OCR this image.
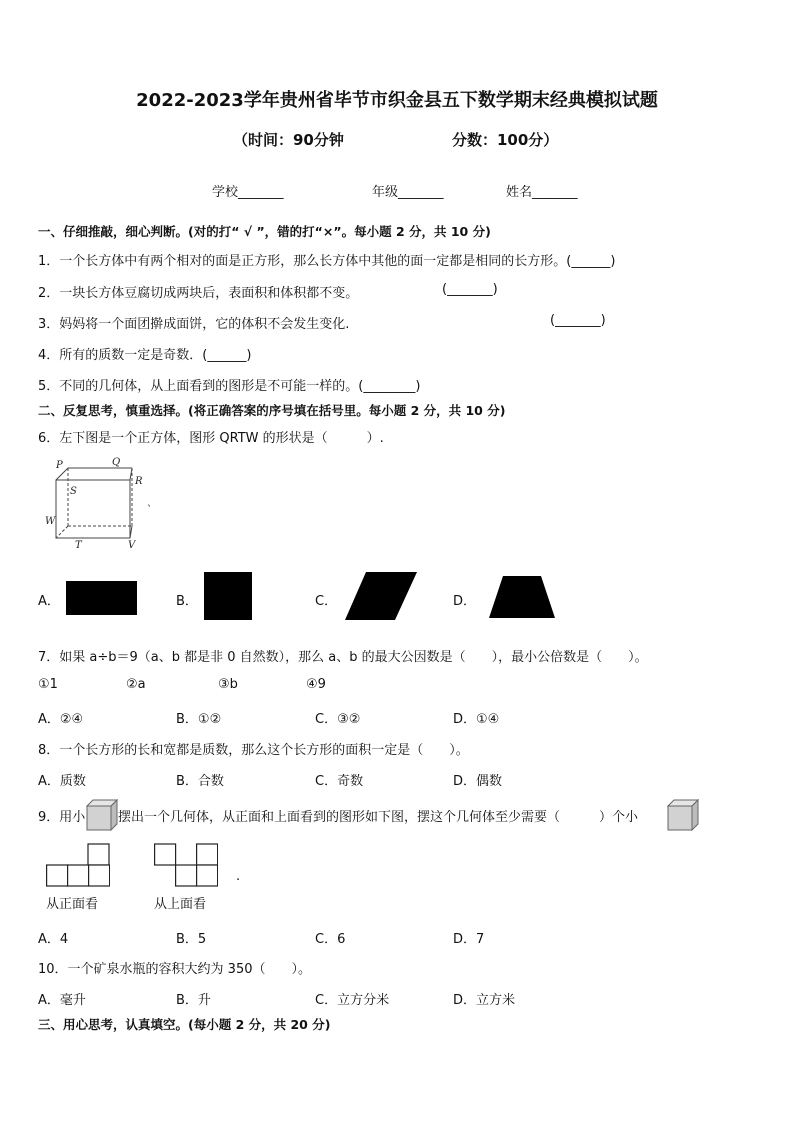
2022-2023学年贵州省毕节市织金县五下数学期末经典模拟试题
（时间：90分钟	分数：100分）
学校_______	年级_______	姓名_______
一、仔细推敲，细心判断。(对的打“ √ ”，错的打“×”。每小题 2 分，共 10 分)
1．一个长方体中有两个相对的面是正方形，那么长方体中其他的面一定都是相同的长方形。(______)
2．一块长方体豆腐切成两块后，表面积和体积都不变。	(_______)
3．妈妈将一个面团擀成面饼，它的体积不会发生变化.	(_______)
4．所有的质数一定是奇数．(______)
5．不同的几何体，从上面看到的图形是不可能一样的。(________)
二、反复思考，慎重选择。(将正确答案的序号填在括号里。每小题 2 分，共 10 分)
6．左下图是一个正方体，图形 QRTW 的形状是（　　　）.
P	Q
R
S
W
T	V
、
A．	B．	C．	D．
7．如果 a÷b＝9（a、b 都是非 0 自然数），那么 a、b 的最大公因数是（　　），最小公倍数是（　　）。
①1	②a	③b	④9
A．②④	B．①②	C．③②	D．①④
8．一个长方形的长和宽都是质数，那么这个长方形的面积一定是（　　）。
A．质数	B．合数	C．奇数	D．偶数
9．用小	摆出一个几何体，从正面和上面看到的图形如下图，摆这个几何体至少需要（　　　）个小
从正面看	从上面看
.
A．4	B．5	C．6	D．7
10．一个矿泉水瓶的容积大约为 350（　　）。
A．毫升	B．升	C．立方分米	D．立方米
三、用心思考，认真填空。(每小题 2 分，共 20 分)
